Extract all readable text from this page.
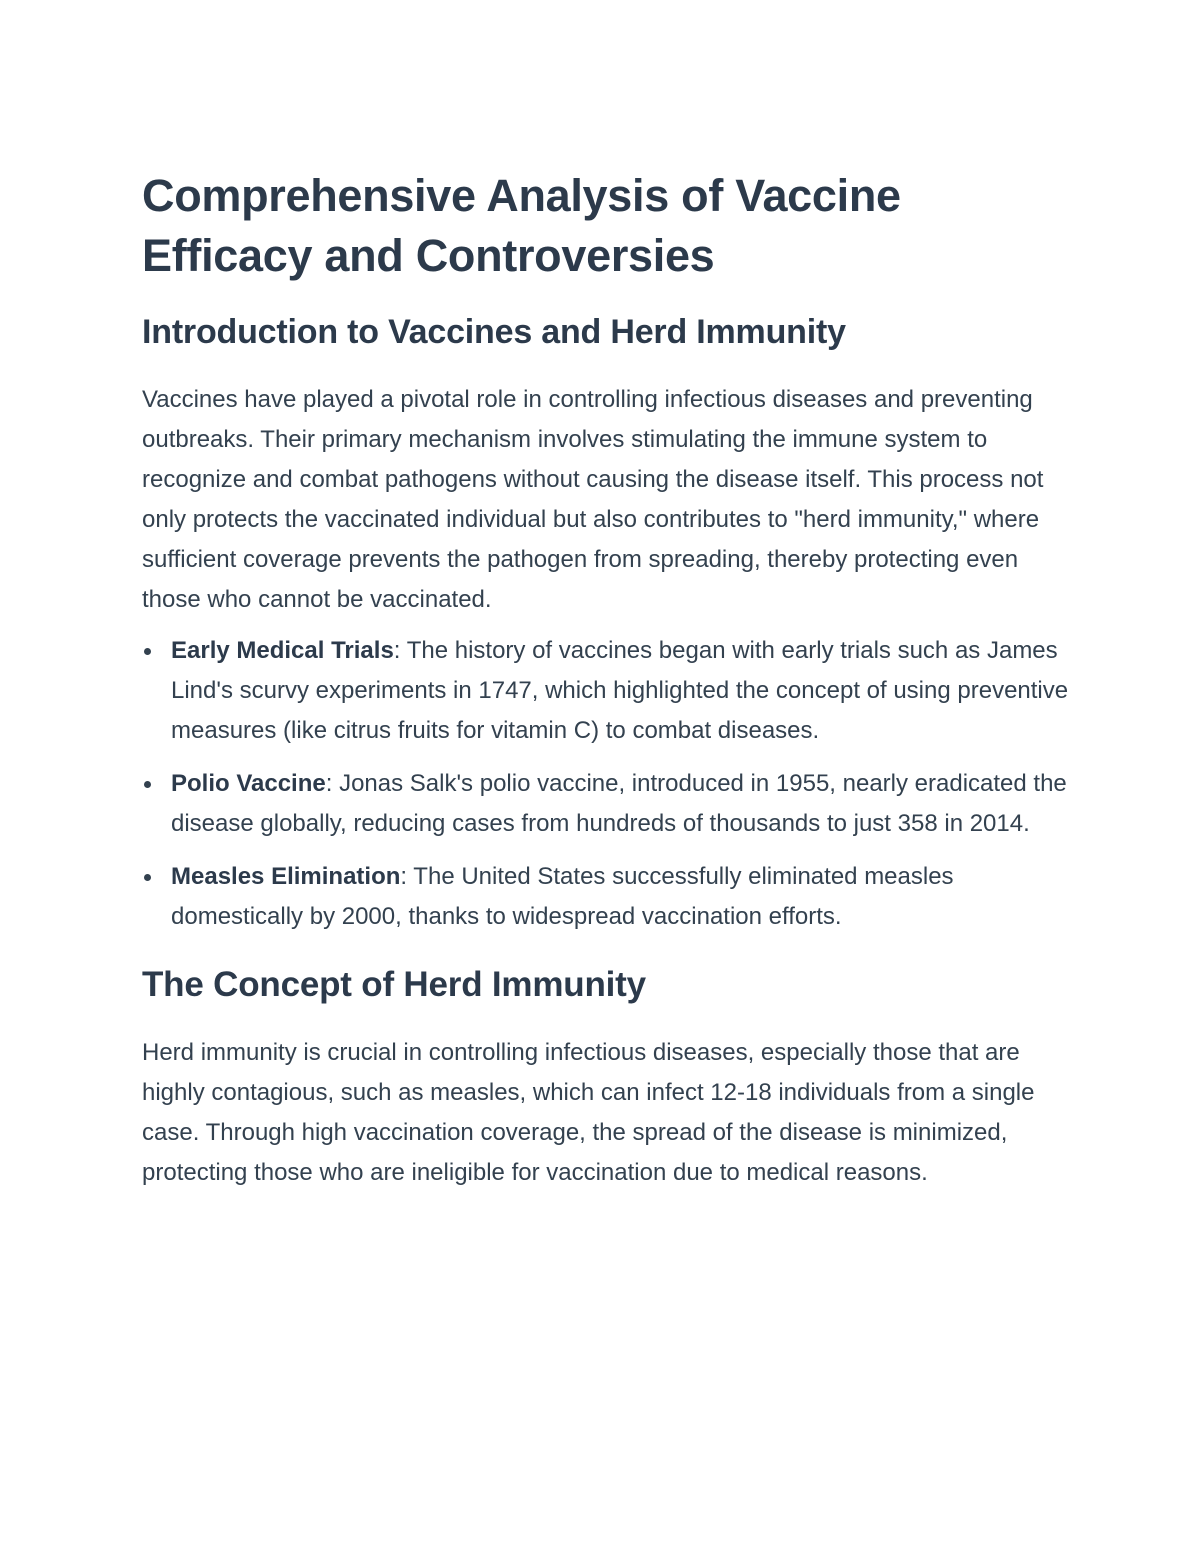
Comprehensive Analysis of Vaccine Efficacy and Controversies
Introduction to Vaccines and Herd Immunity

Vaccines have played a pivotal role in controlling infectious diseases and preventing outbreaks. Their primary mechanism involves stimulating the immune system to recognize and combat pathogens without causing the disease itself. This process not only protects the vaccinated individual but also contributes to "herd immunity," where sufficient coverage prevents the pathogen from spreading, thereby protecting even those who cannot be vaccinated.

Early Medical Trials: The history of vaccines began with early trials such as James Lind's scurvy experiments in 1747, which highlighted the concept of using preventive measures (like citrus fruits for vitamin C) to combat diseases.
Polio Vaccine: Jonas Salk's polio vaccine, introduced in 1955, nearly eradicated the disease globally, reducing cases from hundreds of thousands to just 358 in 2014.
Measles Elimination: The United States successfully eliminated measles domestically by 2000, thanks to widespread vaccination efforts.
The Concept of Herd Immunity

Herd immunity is crucial in controlling infectious diseases, especially those that are highly contagious, such as measles, which can infect 12-18 individuals from a single case. Through high vaccination coverage, the spread of the disease is minimized, protecting those who are ineligible for vaccination due to medical reasons.
